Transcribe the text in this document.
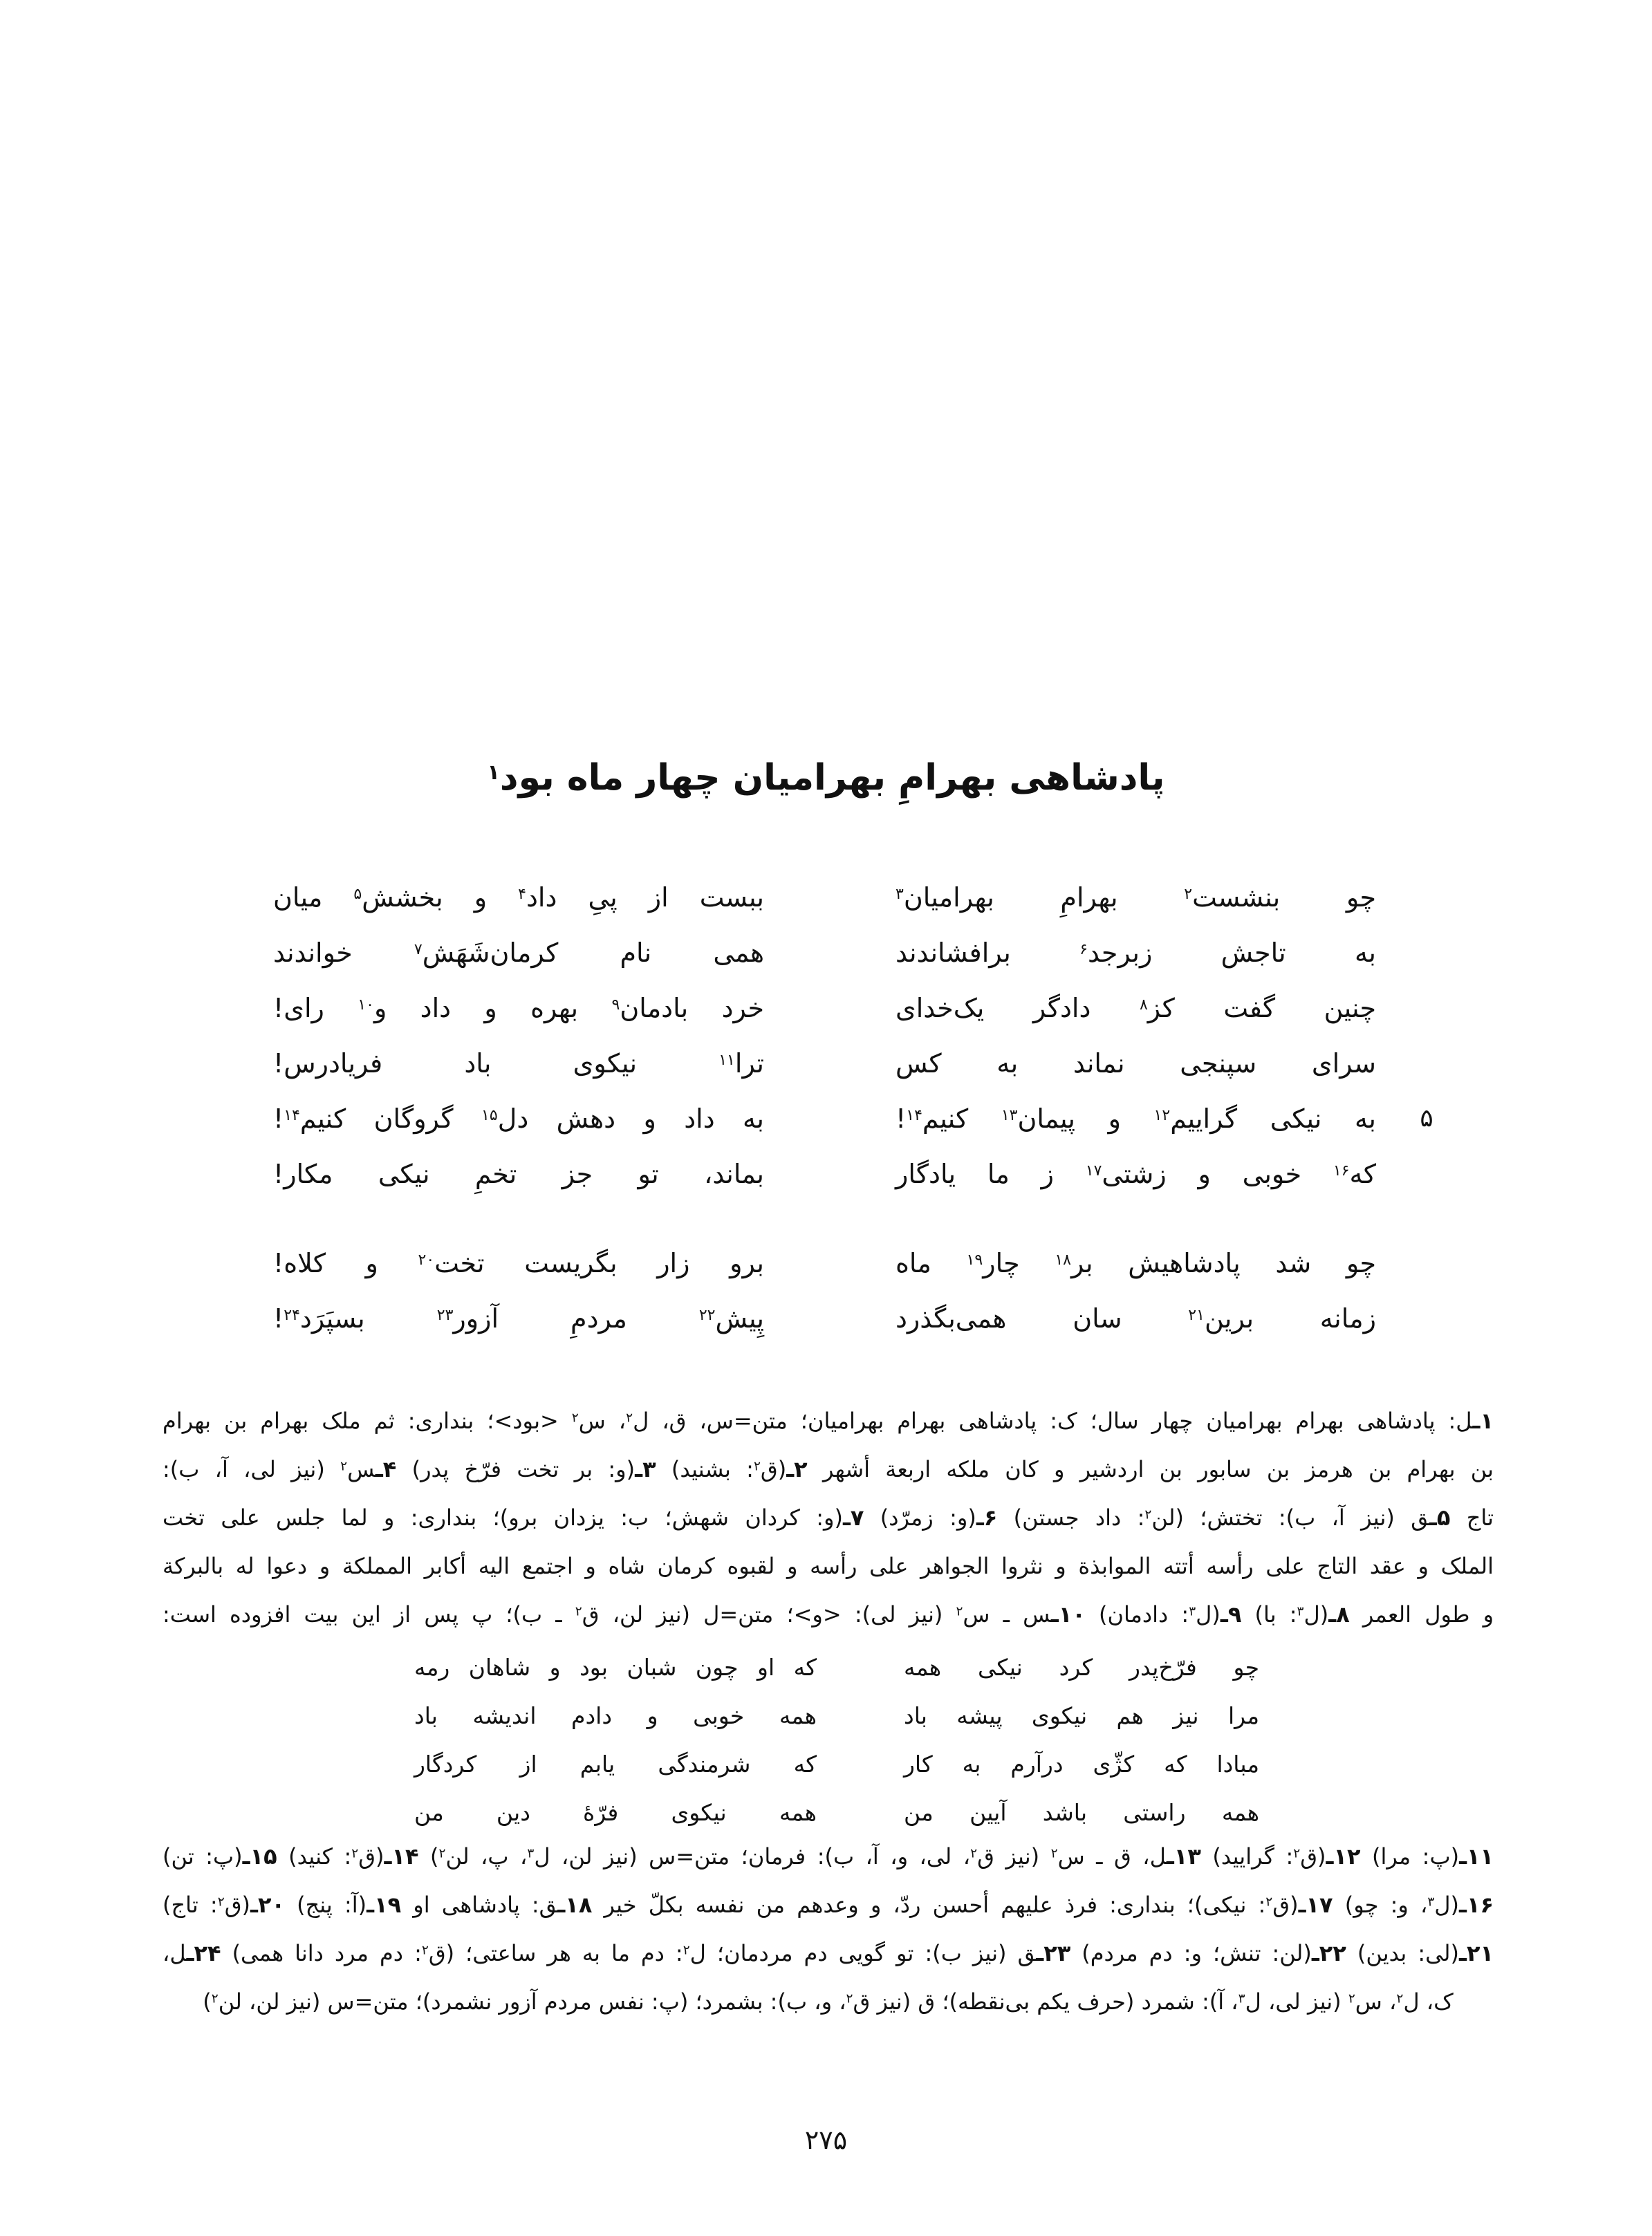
پادشاهی بهرامِ بهرامیان چهار ماه بود$^۱$
چو بنشست$^۲$ بهرامِ بهرامیان$^۳$
ببست از پیِ داد$^۴$ و بخشش$^۵$ میان
به تاجش زبرجد$^۶$ برافشاندند
همی نام کرمان‌شَهَش$^۷$ خواندند
چنین گفت کز$^۸$ دادگر یک‌خدای
خرد بادمان$^۹$ بهره و داد و$^{۱۰}$ رای!
سرای سپنجی نماند به کس
ترا$^{۱۱}$ نیکوی باد فریادرس!
به نیکی گراییم$^{۱۲}$ و پیمان$^{۱۳}$ کنیم$^{۱۴}$!
به داد و دهش دل$^{۱۵}$ گروگان کنیم$^{۱۴}$!
که$^{۱۶}$ خوبی و زشتی$^{۱۷}$ ز ما یادگار
بماند، تو جز تخمِ نیکی مکار!
۵
چو شد پادشاهیش بر$^{۱۸}$ چار$^{۱۹}$ ماه
برو زار بگریست تخت$^{۲۰}$ و کلاه!
زمانه برین$^{۲۱}$ سان همی‌بگذرد
پِیش$^{۲۲}$ مردمِ آزور$^{۲۳}$ بسپَرَد$^{۲۴}$!
۱ـل: پادشاهی بهرام بهرامیان چهار سال؛ ک: پادشاهی بهرام بهرامیان؛ متن=س، ق، ل$^۲$، س$^۲$ <بود>؛ بنداری: ثم ملک بهرام بن بهرام
بن بهرام بن هرمز بن سابور بن اردشیر و کان ملکه اربعة أشهر ۲ـ(ق$^۲$: بشنید) ۳ـ(و: بر تخت فرّخ پدر) ۴ـس$^۲$ (نیز لی، آ، ب):
تاج ۵ـق (نیز آ، ب): تختش؛ (لن$^۲$: داد جستن) ۶ـ(و: زمرّد) ۷ـ(و: کردان شهش؛ ب: یزدان برو)؛ بنداری: و لما جلس علی تخت
الملک و عقد التاج علی رأسه أتته الموابذة و نثروا الجواهر علی رأسه و لقبوه کرمان شاه و اجتمع الیه أکابر المملکة و دعوا له بالبرکة
و طول العمر ۸ـ(ل$^۳$: با) ۹ـ(ل$^۳$: دادمان) ۱۰ـس ـ س$^۲$ (نیز لی): <و>؛ متن=ل (نیز لن، ق$^۲$ ـ ب)؛ پ پس از این بیت افزوده است:
چو فرّخ‌پدر کرد نیکی همه
که او چون شبان بود و شاهان رمه
مرا نیز هم نیکوی پیشه باد
همه خوبی و دادم اندیشه باد
مبادا که کژّی درآرم به کار
که شرمندگی یابم از کردگار
همه راستی باشد آیین من
همه نیکوی فرّهٔ دین من
۱۱ـ(پ: مرا) ۱۲ـ(ق$^۲$: گرایید) ۱۳ـل، ق ـ س$^۲$ (نیز ق$^۲$، لی، و، آ، ب): فرمان؛ متن=س (نیز لن، ل$^۳$، پ، لن$^۲$) ۱۴ـ(ق$^۲$: کنید) ۱۵ـ(پ: تن)
۱۶ـ(ل$^۳$، و: چو) ۱۷ـ(ق$^۲$: نیکی)؛ بنداری: فرذ علیهم أحسن ردّ، و وعدهم من نفسه بکلّ خیر ۱۸ـق: پادشاهی او ۱۹ـ(آ: پنج) ۲۰ـ(ق$^۲$: تاج)
۲۱ـ(لی: بدین) ۲۲ـ(لن: تنش؛ و: دم مردم) ۲۳ـق (نیز ب): تو گویی دم مردمان؛ ل$^۲$: دم ما به هر ساعتی؛ (ق$^۲$: دم مرد دانا همی) ۲۴ـل،
ک، ل$^۲$، س$^۲$ (نیز لی، ل$^۳$، آ): شمرد (حرف یکم بی‌نقطه)؛ ق (نیز ق$^۲$، و، ب): بشمرد؛ (پ: نفس مردم آزور نشمرد)؛ متن=س (نیز لن، لن$^۲$)
۲۷۵
